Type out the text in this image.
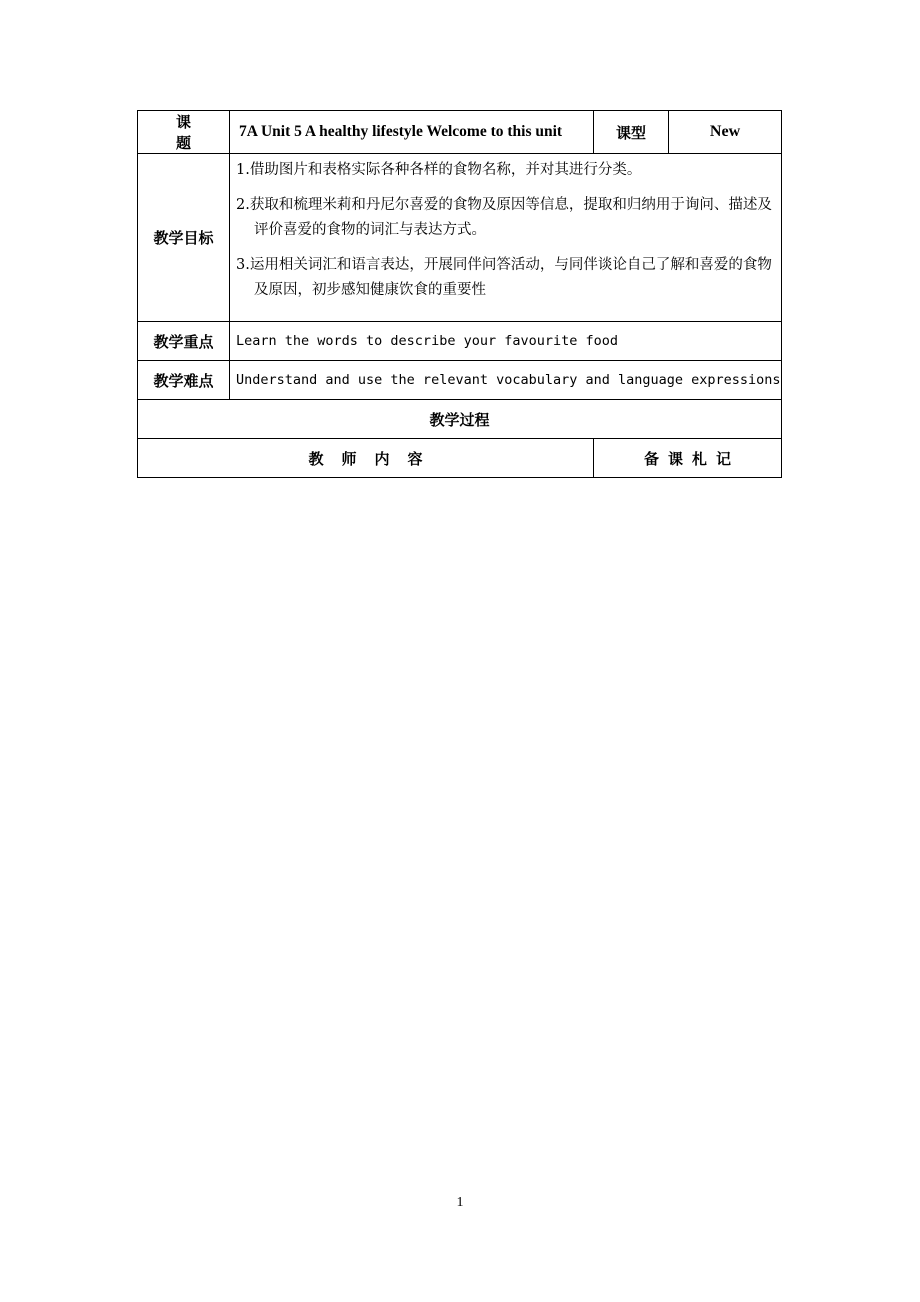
课题	7A Unit 5 A healthy lifestyle Welcome to this unit	课型	New
教学目标	1.借助图片和表格实际各种各样的食物名称，并对其进行分类。

2.获取和梳理米莉和丹尼尔喜爱的食物及原因等信息，提取和归纳用于询问、描述及评价喜爱的食物的词汇与表达方式。

3.运用相关词汇和语言表达，开展同伴问答活动，与同伴谈论自己了解和喜爱的食物及原因，初步感知健康饮食的重要性		

教学重点	Learn the words to describe your favourite food		
教学难点	Understand and use the relevant vocabulary and language expressions		
教学过程			
教师内容		备课札记	
1
